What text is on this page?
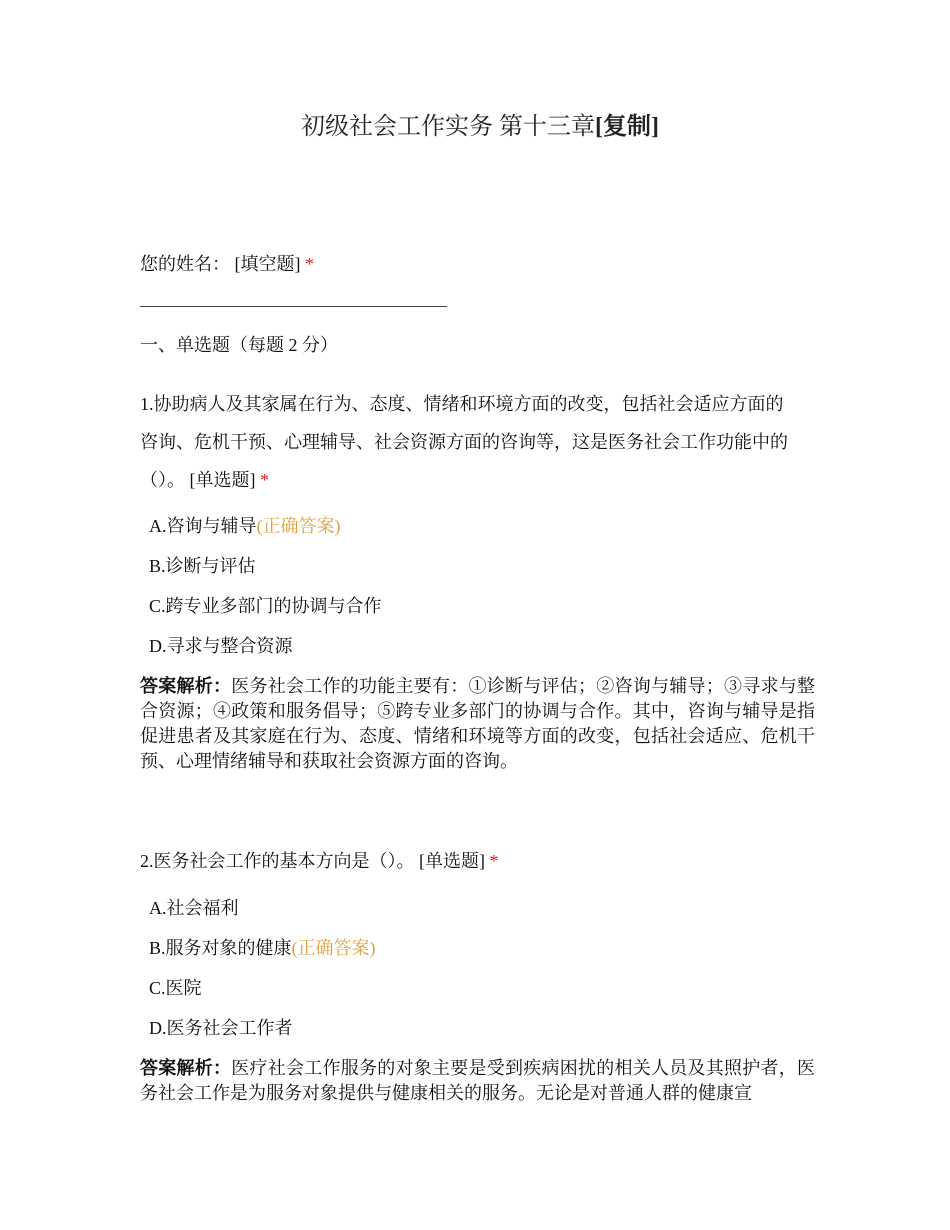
初级社会工作实务 第十三章[复制]
您的姓名： [填空题] *
一、单选题（每题 2 分）
1.协助病人及其家属在行为、态度、情绪和环境方面的改变，包括社会适应方面的
咨询、危机干预、心理辅导、社会资源方面的咨询等，这是医务社会工作功能中的
（）。 [单选题] *
A.咨询与辅导(正确答案)
B.诊断与评估
C.跨专业多部门的协调与合作
D.寻求与整合资源
答案解析：医务社会工作的功能主要有：①诊断与评估；②咨询与辅导；③寻求与整合资源；④政策和服务倡导；⑤跨专业多部门的协调与合作。其中，咨询与辅导是指促进患者及其家庭在行为、态度、情绪和环境等方面的改变，包括社会适应、危机干预、心理情绪辅导和获取社会资源方面的咨询。
2.医务社会工作的基本方向是（）。 [单选题] *
A.社会福利
B.服务对象的健康(正确答案)
C.医院
D.医务社会工作者
答案解析：医疗社会工作服务的对象主要是受到疾病困扰的相关人员及其照护者，医务社会工作是为服务对象提供与健康相关的服务。无论是对普通人群的健康宣
